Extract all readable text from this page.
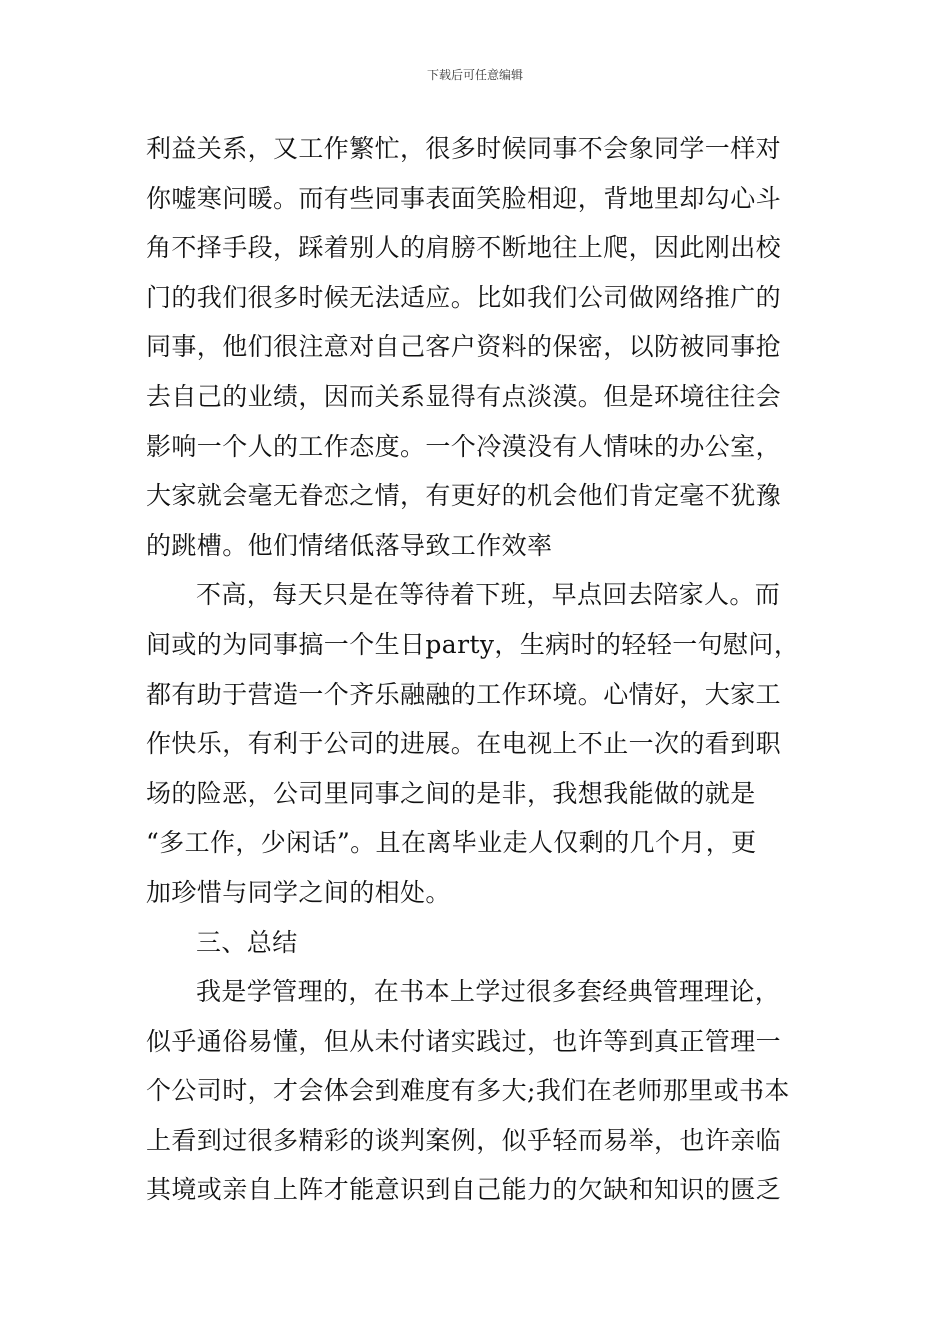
下载后可任意编辑
利益关系，又工作繁忙，很多时候同事不会象同学一样对
你嘘寒问暖。而有些同事表面笑脸相迎，背地里却勾心斗
角不择手段，踩着别人的肩膀不断地往上爬，因此刚出校
门的我们很多时候无法适应。比如我们公司做网络推广的
同事，他们很注意对自己客户资料的保密，以防被同事抢
去自己的业绩，因而关系显得有点淡漠。但是环境往往会
影响一个人的工作态度。一个冷漠没有人情味的办公室，
大家就会毫无眷恋之情，有更好的机会他们肯定毫不犹豫
的跳槽。他们情绪低落导致工作效率
不高，每天只是在等待着下班，早点回去陪家人。而
间或的为同事搞一个生日party，生病时的轻轻一句慰问，
都有助于营造一个齐乐融融的工作环境。心情好，大家工
作快乐，有利于公司的进展。在电视上不止一次的看到职
场的险恶，公司里同事之间的是非，我想我能做的就是
“多工作，少闲话”。且在离毕业走人仅剩的几个月，更
加珍惜与同学之间的相处。
三、总结
我是学管理的，在书本上学过很多套经典管理理论，
似乎通俗易懂，但从未付诸实践过，也许等到真正管理一
个公司时，才会体会到难度有多大;我们在老师那里或书本
上看到过很多精彩的谈判案例，似乎轻而易举，也许亲临
其境或亲自上阵才能意识到自己能力的欠缺和知识的匮乏
